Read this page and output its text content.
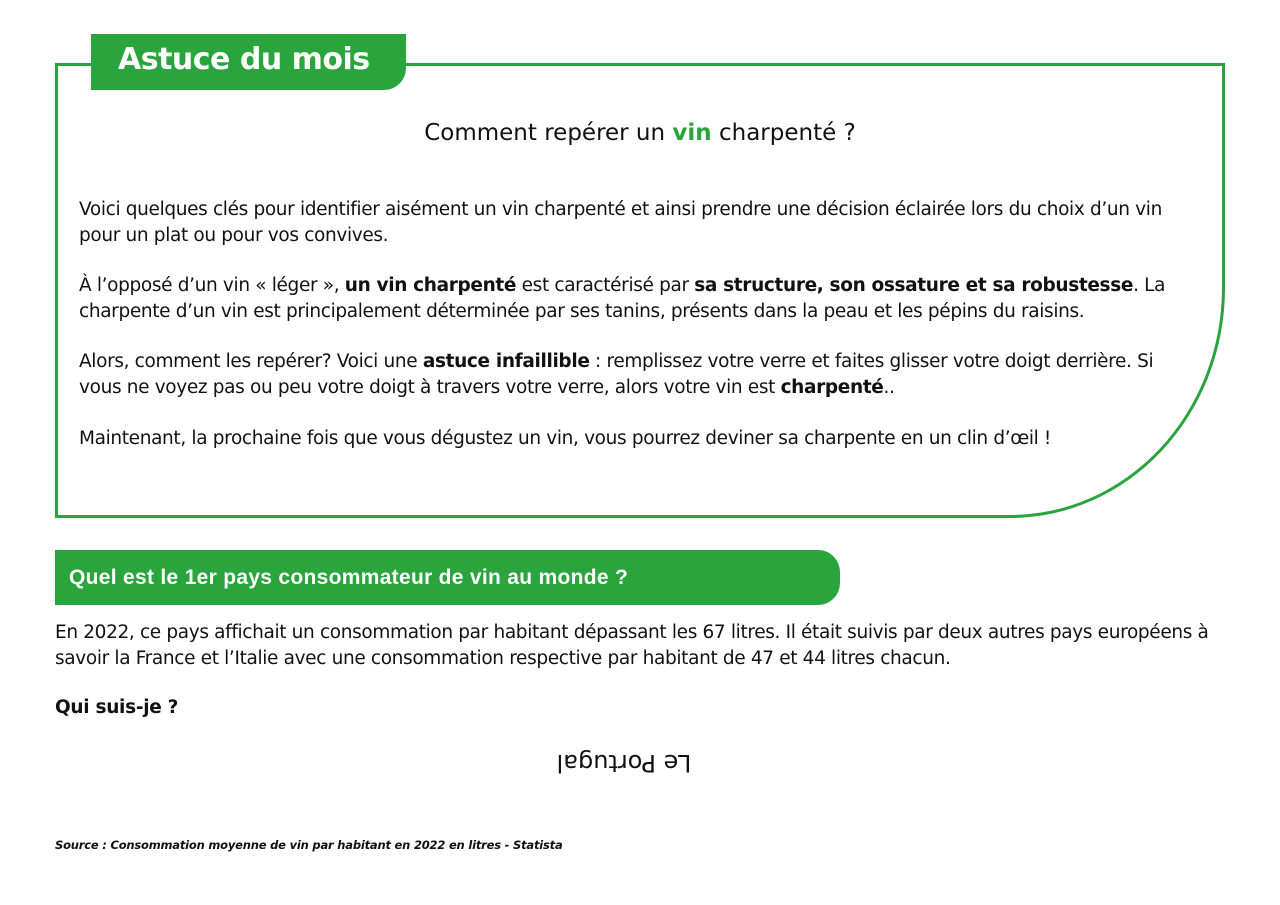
Astuce du mois
Comment repérer un vin charpenté ?

Voici quelques clés pour identifier aisément un vin charpenté et ainsi prendre une décision éclairée lors du choix d’un vin pour un plat ou pour vos convives.

À l’opposé d’un vin « léger », un vin charpenté est caractérisé par sa structure, son ossature et sa robustesse. La charpente d’un vin est principalement déterminée par ses tanins, présents dans la peau et les pépins du raisins.

Alors, comment les repérer? Voici une astuce infaillible : remplissez votre verre et faites glisser votre doigt derrière. Si vous ne voyez pas ou peu votre doigt à travers votre verre, alors votre vin est charpenté..

Maintenant, la prochaine fois que vous dégustez un vin, vous pourrez deviner sa charpente en un clin d’œil !

Quel est le 1er pays consommateur de vin au monde ?

En 2022, ce pays affichait un consommation par habitant dépassant les 67 litres. Il était suivis par deux autres pays européens à savoir la France et l’Italie avec une consommation respective par habitant de 47 et 44 litres chacun.

Qui suis-je ?

Le Portugal

Source : Consommation moyenne de vin par habitant en 2022 en litres - Statista
